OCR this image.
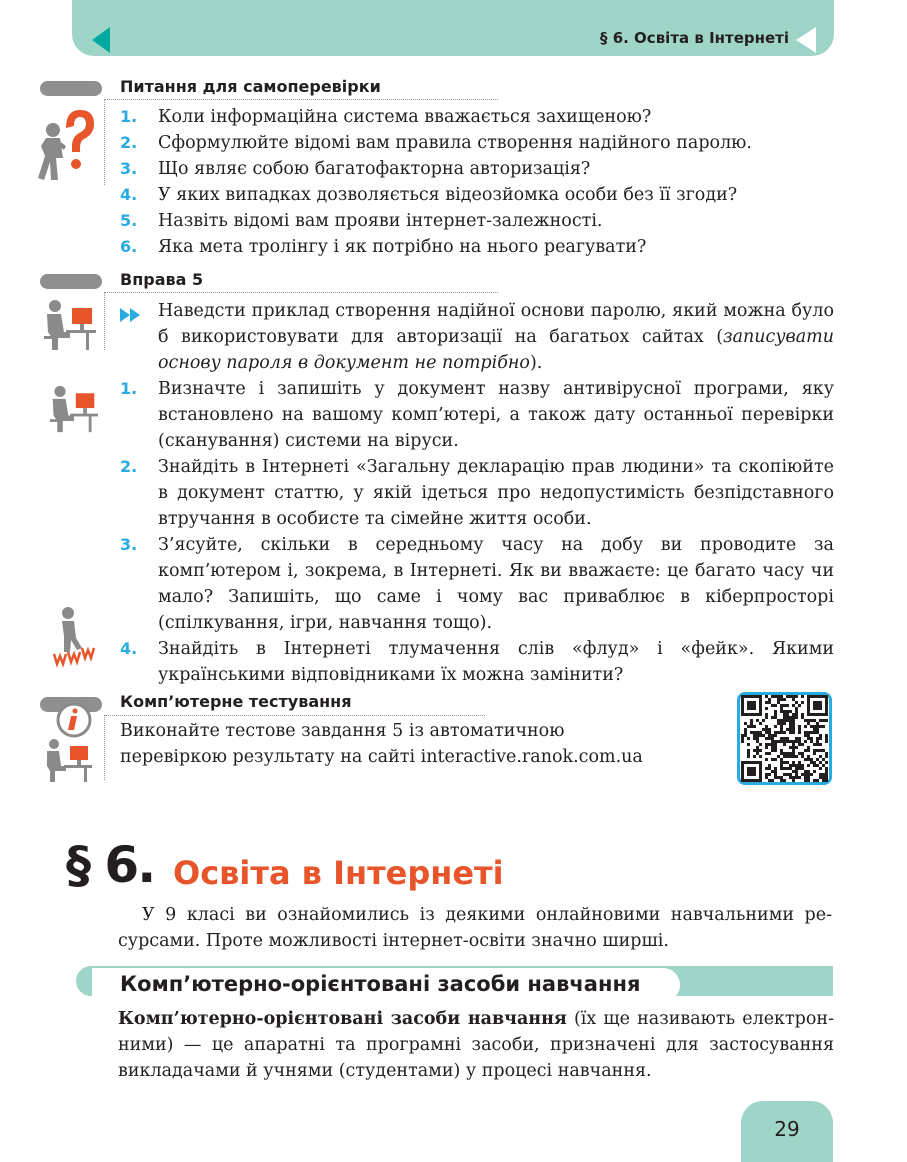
§ 6. Освіта в Інтернеті
Питання для самоперевірки
1. Коли інформаційна система вважається захищеною?
2. Сформулюйте відомі вам правила створення надійного паролю.
3. Що являє собою багатофакторна авторизація?
4. У яких випадках дозволяється відеозйомка особи без її згоди?
5. Назвіть відомі вам прояви інтернет-залежності.
6. Яка мета тролінгу і як потрібно на нього реагувати?
Вправа 5
Наведсти приклад створення надійної основи паролю, який можна було б використовувати для авторизації на багатьох сайтах (записувати основу пароля в документ не потрібно).
1. Визначте і запишіть у документ назву антивірусної програми, яку встановлено на вашому комп’ютері, а також дату останньої перевірки (сканування) системи на віруси.
2. Знайдіть в Інтернеті «Загальну декларацію прав людини» та скопіюйте в документ статтю, у якій ідеться про недопустимість безпідставного втручання в особисте та сімейне життя особи.
3. З’ясуйте, скільки в середньому часу на добу ви проводите за комп’ютером і, зокрема, в Інтернеті. Як ви вважаєте: це багато часу чи мало? Запишіть, що саме і чому вас приваблює в кіберпросторі (спілкування, ігри, навчання тощо).
4. Знайдіть в Інтернеті тлумачення слів «флуд» і «фейк». Якими українськими відповідниками їх можна замінити?
Комп’ютерне тестування
Виконайте тестове завдання 5 із автоматичною
перевіркою результату на сайті interactive.ranok.com.ua
§ 6. Освіта в Інтернеті
У 9 класі ви ознайомились із деякими онлайновими навчальними ресурсами. Проте можливості інтернет-освіти значно ширші.
Комп’ютерно-орієнтовані засоби навчання
Комп’ютерно-орієнтовані засоби навчання (їх ще називають електронними) — це апаратні та програмні засоби, призначені для застосування викладачами й учнями (студентами) у процесі навчання.
29
